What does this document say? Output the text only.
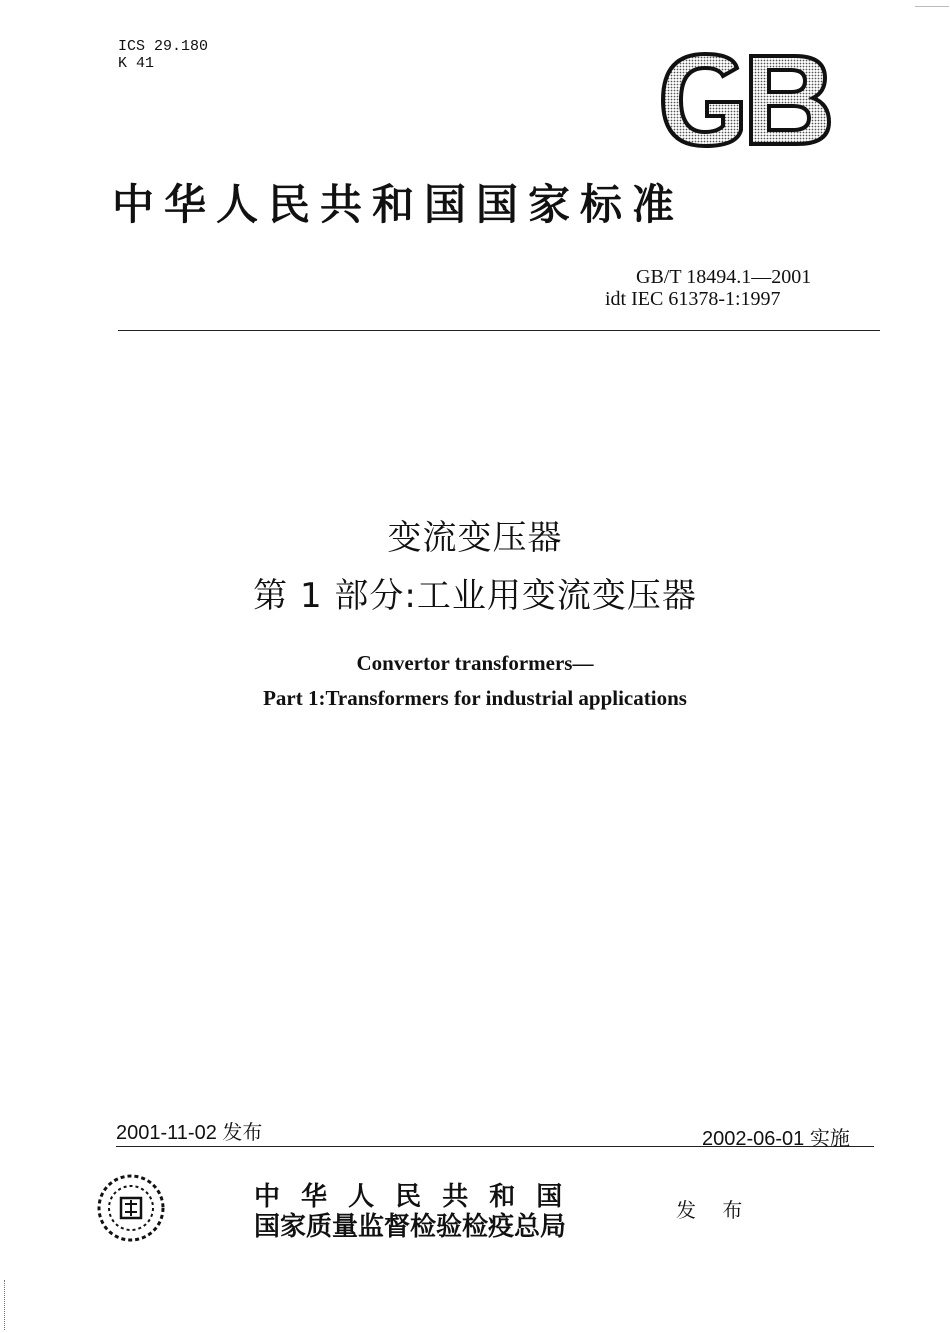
ICS 29.180
K 41
中华人民共和国国家标准
GB/T 18494.1—2001
idt IEC 61378-1:1997
变流变压器
第 1 部分:工业用变流变压器
Convertor transformers—
Part 1:Transformers for industrial applications
2001-11-02 发布	2002-06-01 实施
中 华 人 民 共 和 国
国家质量监督检验检疫总局
发 布
